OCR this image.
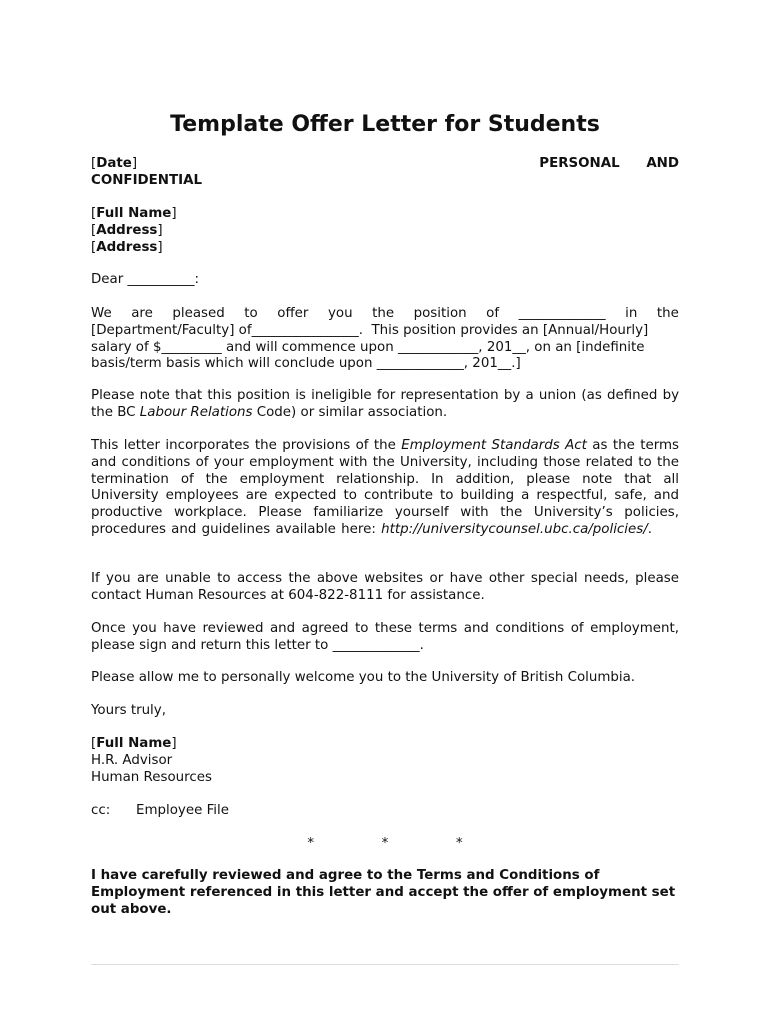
Template Offer Letter for Students
[Date]	PERSONAL AND
CONFIDENTIAL
[Full Name]
[Address]
[Address]
Dear __________:
We are pleased to offer you the position of _____________ in the
[Department/Faculty] of________________.  This position provides an [Annual/Hourly]
salary of $_________ and will commence upon ____________, 201__, on an [indefinite
basis/term basis which will conclude upon _____________, 201__.]
Please note that this position is ineligible for representation by a union (as defined by the BC Labour Relations Code) or similar association.
This letter incorporates the provisions of the Employment Standards Act as the terms and conditions of your employment with the University, including those related to the termination of the employment relationship. In addition, please note that all University employees are expected to contribute to building a respectful, safe, and productive workplace. Please familiarize yourself with the University’s policies, procedures and guidelines available here: http://universitycounsel.ubc.ca/policies/.
If you are unable to access the above websites or have other special needs, please contact Human Resources at 604-822-8111 for assistance.
Once you have reviewed and agreed to these terms and conditions of employment, please sign and return this letter to _____________.
Please allow me to personally welcome you to the University of British Columbia.
Yours truly,
[Full Name]
H.R. Advisor
Human Resources
cc: Employee File
*	*	*
I have carefully reviewed and agree to the Terms and Conditions of Employment referenced in this letter and accept the offer of employment set out above.
